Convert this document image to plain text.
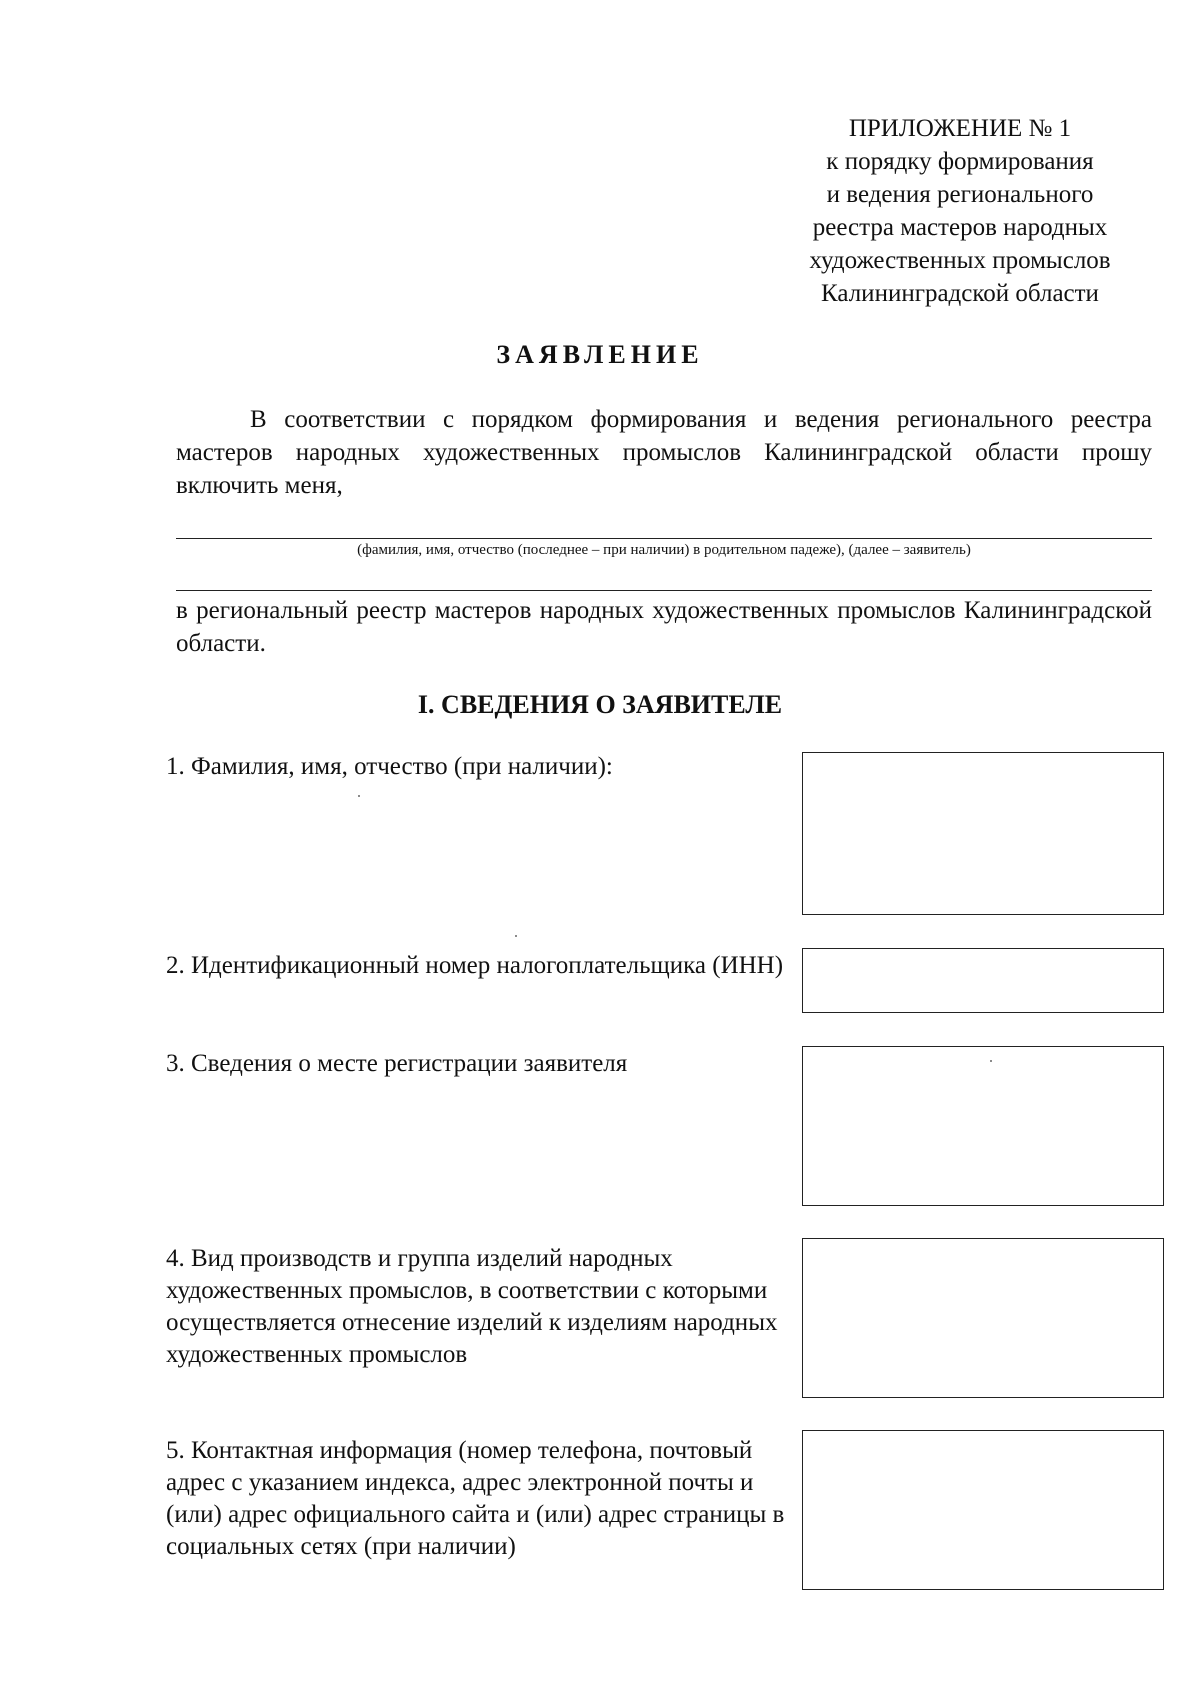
ПРИЛОЖЕНИЕ № 1
к порядку формирования
и ведения регионального
реестра мастеров народных
художественных промыслов
Калининградской области
ЗАЯВЛЕНИЕ

В соответствии с порядком формирования и ведения регионального реестра мастеров народных художественных промыслов Калининградской области прошу включить меня,

(фамилия, имя, отчество (последнее – при наличии) в родительном падеже), (далее – заявитель)

в региональный реестр мастеров народных художественных промыслов Калининградской области.

I. СВЕДЕНИЯ О ЗАЯВИТЕЛЕ

1. Фамилия, имя, отчество (при наличии):

2. Идентификационный номер налогоплательщика (ИНН)

3. Сведения о месте регистрации заявителя

4. Вид производств и группа изделий народных художественных промыслов, в соответствии с которыми осуществляется отнесение изделий к изделиям народных художественных промыслов

5. Контактная информация (номер телефона, почтовый адрес с указанием индекса, адрес электронной почты и (или) адрес официального сайта и (или) адрес страницы в социальных сетях (при наличии)
